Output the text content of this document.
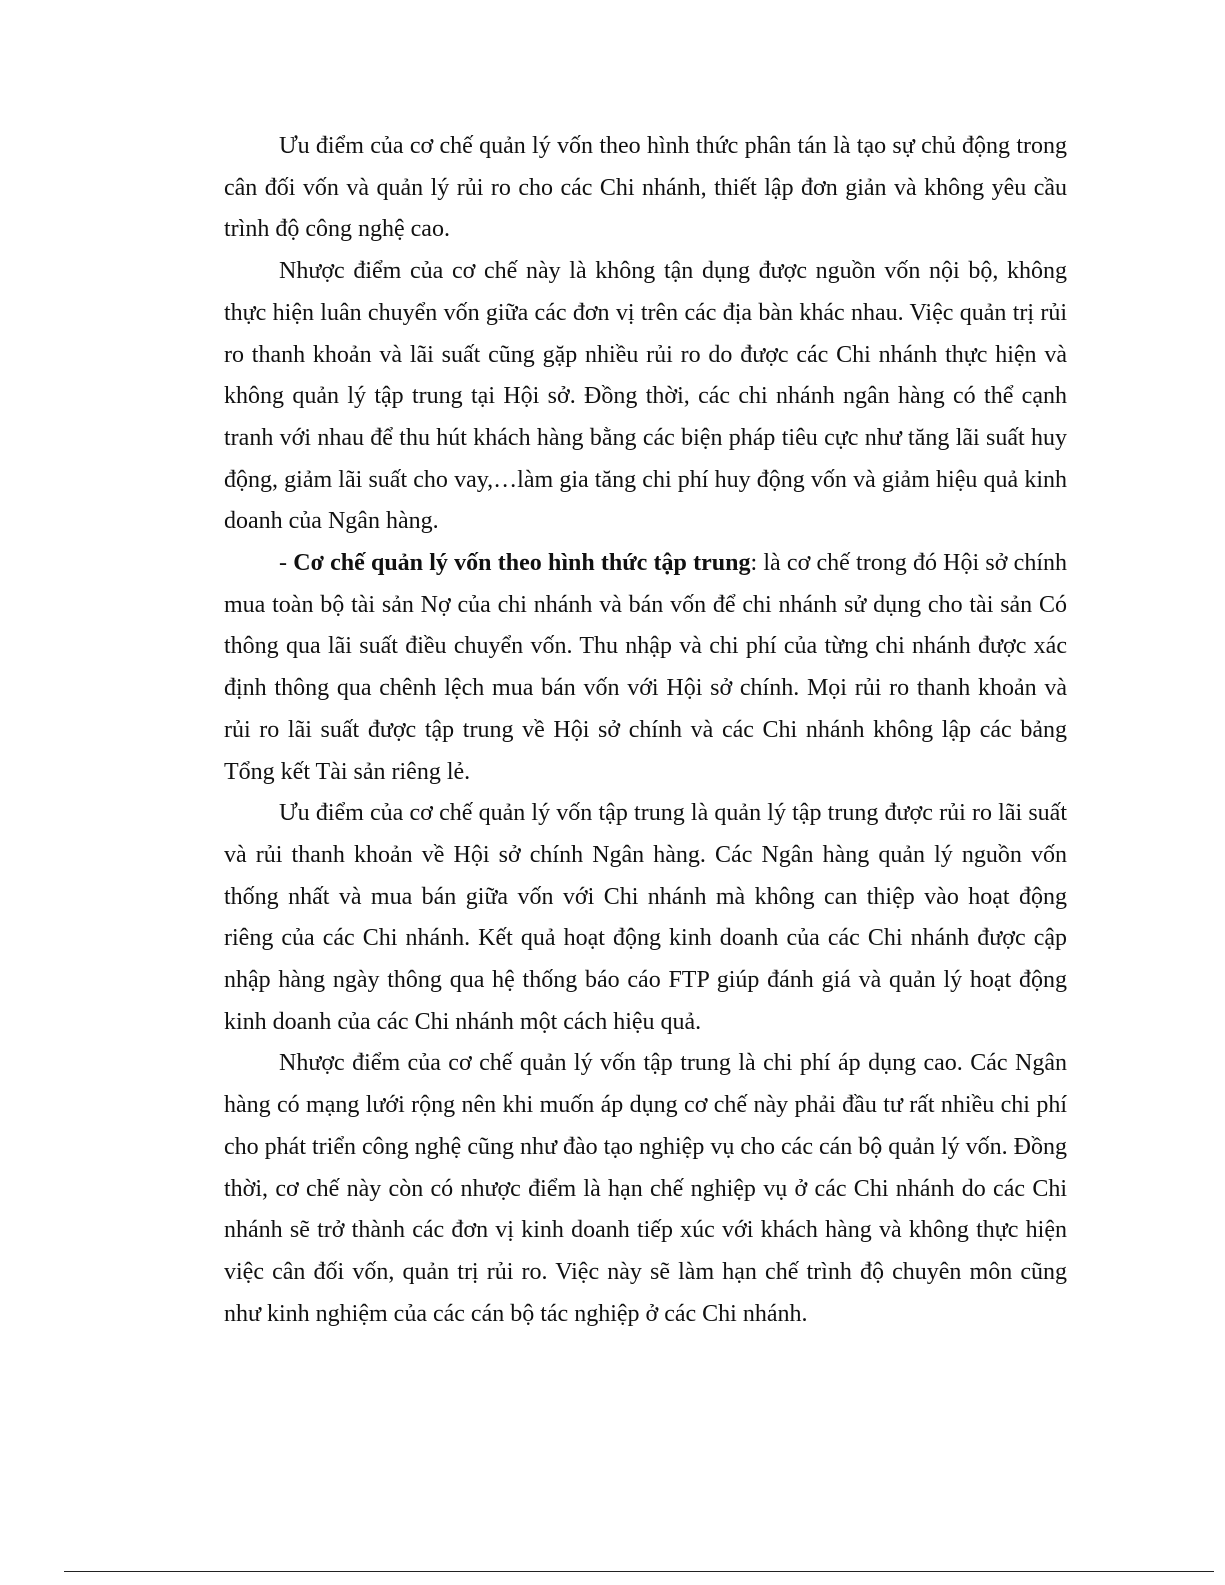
Ưu điểm của cơ chế quản lý vốn theo hình thức phân tán là tạo sự chủ động trong cân đối vốn và quản lý rủi ro cho các Chi nhánh, thiết lập đơn giản và không yêu cầu trình độ công nghệ cao.

Nhược điểm của cơ chế này là không tận dụng được nguồn vốn nội bộ, không thực hiện luân chuyển vốn giữa các đơn vị trên các địa bàn khác nhau. Việc quản trị rủi ro thanh khoản và lãi suất cũng gặp nhiều rủi ro do được các Chi nhánh thực hiện và không quản lý tập trung tại Hội sở. Đồng thời, các chi nhánh ngân hàng có thể cạnh tranh với nhau để thu hút khách hàng bằng các biện pháp tiêu cực như tăng lãi suất huy động, giảm lãi suất cho vay,…làm gia tăng chi phí huy động vốn và giảm hiệu quả kinh doanh của Ngân hàng.

- Cơ chế quản lý vốn theo hình thức tập trung: là cơ chế trong đó Hội sở chính mua toàn bộ tài sản Nợ của chi nhánh và bán vốn để chi nhánh sử dụng cho tài sản Có thông qua lãi suất điều chuyển vốn. Thu nhập và chi phí của từng chi nhánh được xác định thông qua chênh lệch mua bán vốn với Hội sở chính. Mọi rủi ro thanh khoản và rủi ro lãi suất được tập trung về Hội sở chính và các Chi nhánh không lập các bảng Tổng kết Tài sản riêng lẻ.

Ưu điểm của cơ chế quản lý vốn tập trung là quản lý tập trung được rủi ro lãi suất và rủi thanh khoản về Hội sở chính Ngân hàng. Các Ngân hàng quản lý nguồn vốn thống nhất và mua bán giữa vốn với Chi nhánh mà không can thiệp vào hoạt động riêng của các Chi nhánh. Kết quả hoạt động kinh doanh của các Chi nhánh được cập nhập hàng ngày thông qua hệ thống báo cáo FTP giúp đánh giá và quản lý hoạt động kinh doanh của các Chi nhánh một cách hiệu quả.

Nhược điểm của cơ chế quản lý vốn tập trung là chi phí áp dụng cao. Các Ngân hàng có mạng lưới rộng nên khi muốn áp dụng cơ chế này phải đầu tư rất nhiều chi phí cho phát triển công nghệ cũng như đào tạo nghiệp vụ cho các cán bộ quản lý vốn. Đồng thời, cơ chế này còn có nhược điểm là hạn chế nghiệp vụ ở các Chi nhánh do các Chi nhánh sẽ trở thành các đơn vị kinh doanh tiếp xúc với khách hàng và không thực hiện việc cân đối vốn, quản trị rủi ro. Việc này sẽ làm hạn chế trình độ chuyên môn cũng như kinh nghiệm của các cán bộ tác nghiệp ở các Chi nhánh.
